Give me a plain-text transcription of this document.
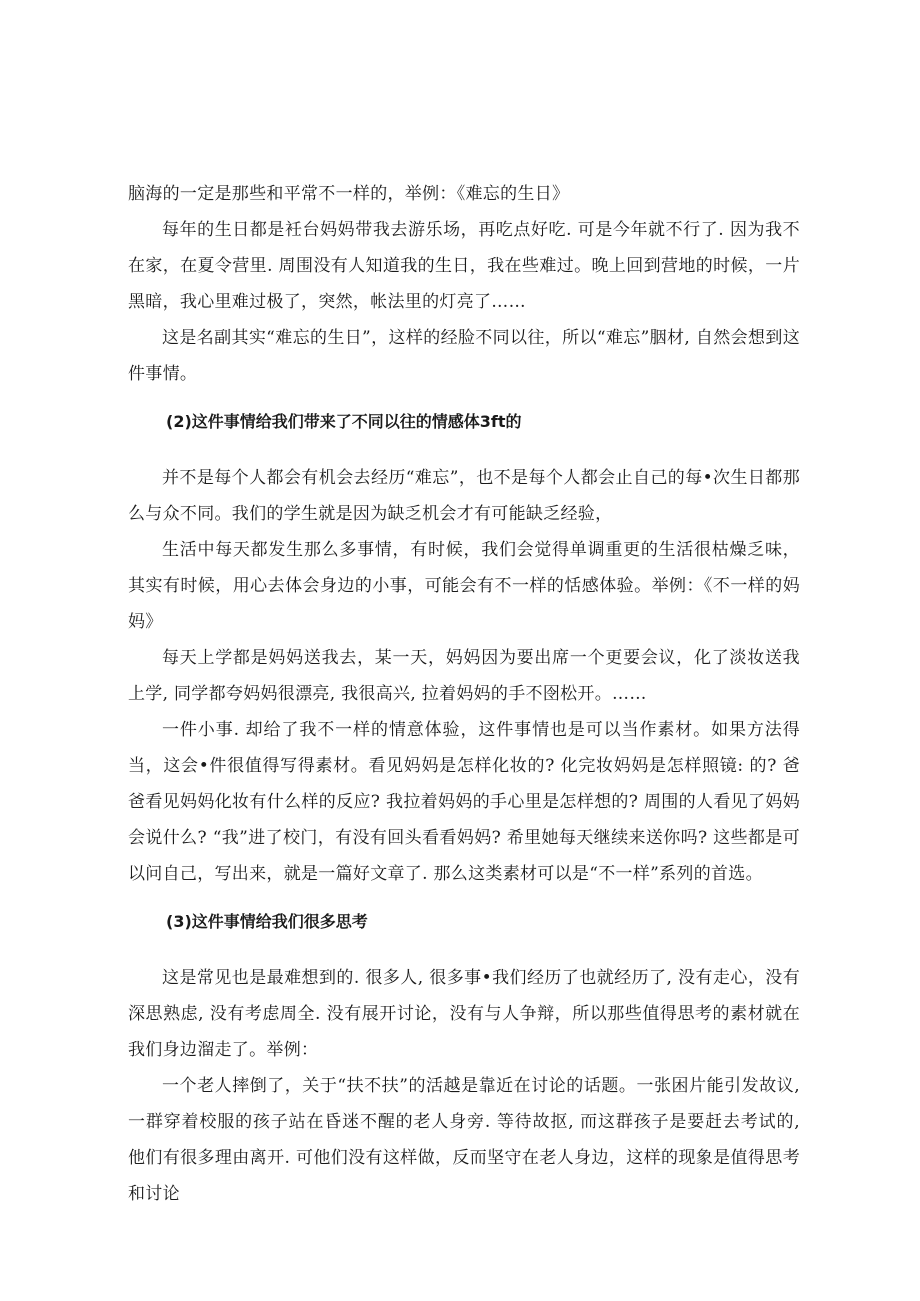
脑海的一定是那些和平常不一样的，举例：《难忘的生日》

每年的生日都是衽台妈妈带我去游乐场，再吃点好吃. 可是今年就不行了. 因为我不在家，在夏令营里. 周围没有人知道我的生日，我在些难过。晚上回到营地的时候，一片黑暗，我心里难过极了，突然，帐法里的灯亮了……

这是名副其实“难忘的生日”，这样的经脸不同以往，所以“难忘”胭材, 自然会想到这件事情。

(2)这件事情给我们带来了不同以往的情感体3ft的

并不是每个人都会有机会去经历“难忘”，也不是每个人都会止自己的每•次生日都那么与众不同。我们的学生就是因为缺乏机会才有可能缺乏经验，

生活中每天都发生那么多事情，有时候，我们会觉得单调重更的生活很枯燥乏味，其实有时候，用心去体会身边的小事，可能会有不一样的恬感体验。举例：《不一样的妈妈》

每天上学都是妈妈送我去，某一天，妈妈因为要出席一个更要会议，化了淡妆送我上学, 同学都夸妈妈很漂亮, 我很高兴, 拉着妈妈的手不囹松开。……

一件小事. 却给了我不一样的情意体验，这件事情也是可以当作素材。如果方法得当，这会•件很值得写得素材。看见妈妈是怎样化妆的? 化完妆妈妈是怎样照镜: 的? 爸爸看见妈妈化妆有什么样的反应? 我拉着妈妈的手心里是怎样想的? 周围的人看见了妈妈会说什么? “我”进了校门，有没有回头看看妈妈? 希里她每天继续来送你吗? 这些都是可以问自己，写出来，就是一篇好文章了. 那么这类素材可以是“不一样”系列的首选。

(3)这件事情给我们很多思考

这是常见也是最难想到的. 很多人, 很多事•我们经历了也就经历了, 没有走心，没有深思熟虑, 没有考虑周全. 没有展开讨论，没有与人争辩，所以那些值得思考的素材就在我们身边溜走了。举例：

一个老人摔倒了，关于“扶不扶”的活越是靠近在讨论的话题。一张困片能引发故议, 一群穿着校服的孩子站在昏迷不醒的老人身旁. 等待故抠, 而这群孩子是要赶去考试的, 他们有很多理由离开. 可他们没有这样做，反而坚守在老人身边，这样的现象是值得思考和讨论
